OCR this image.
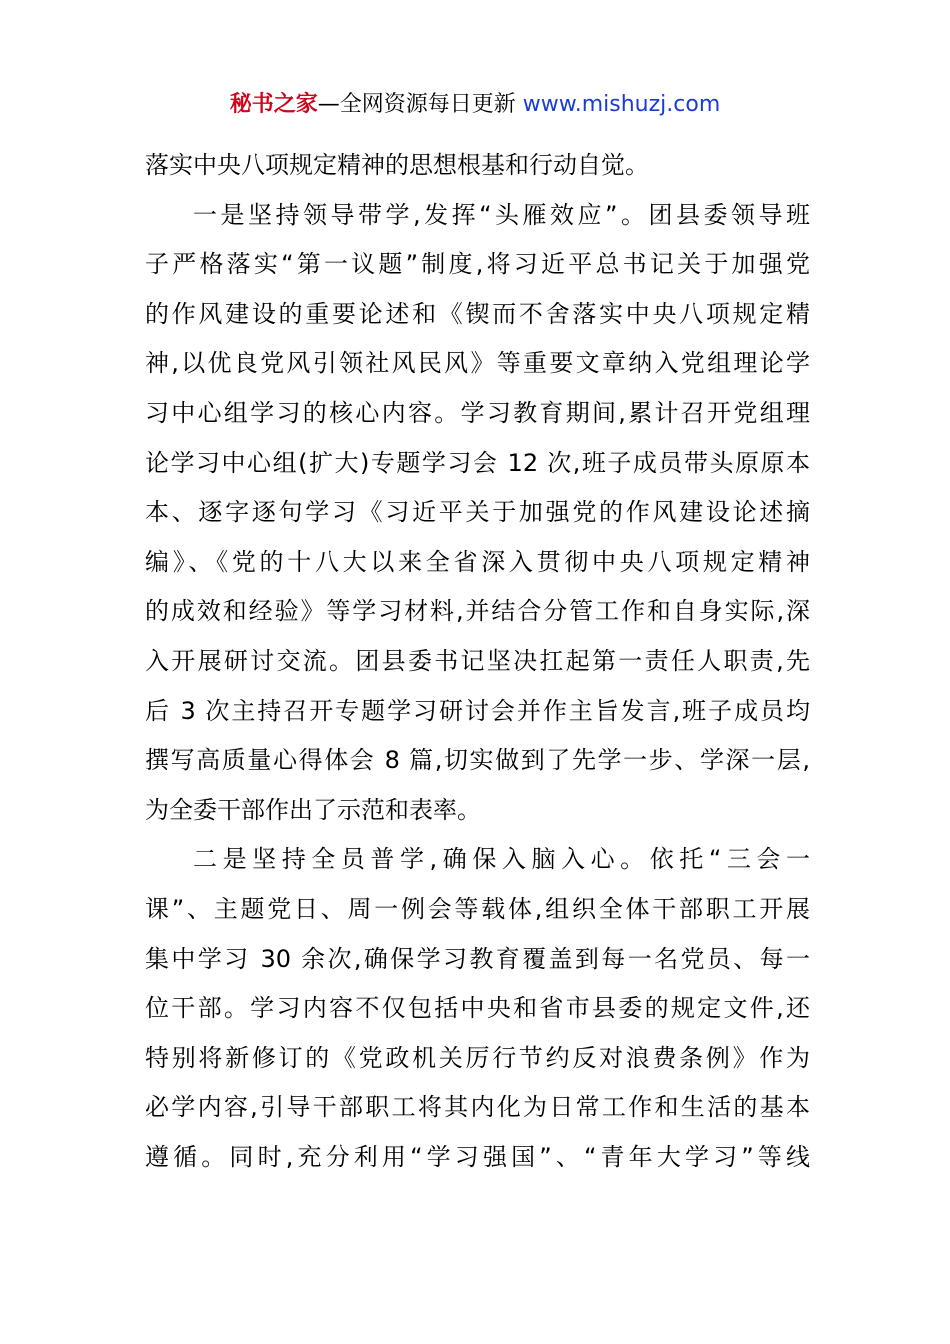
秘书之家—全网资源每日更新 www.mishuzj.com
落实中央八项规定精神的思想根基和行动自觉。
一是坚持领导带学,发挥“头雁效应”。团县委领导班
子严格落实“第一议题”制度,将习近平总书记关于加强党
的作风建设的重要论述和《锲而不舍落实中央八项规定精
神,以优良党风引领社风民风》等重要文章纳入党组理论学
习中心组学习的核心内容。学习教育期间,累计召开党组理
论学习中心组(扩大)专题学习会 12 次,班子成员带头原原本
本、逐字逐句学习《习近平关于加强党的作风建设论述摘
编》、《党的十八大以来全省深入贯彻中央八项规定精神
的成效和经验》等学习材料,并结合分管工作和自身实际,深
入开展研讨交流。团县委书记坚决扛起第一责任人职责,先
后 3 次主持召开专题学习研讨会并作主旨发言,班子成员均
撰写高质量心得体会 8 篇,切实做到了先学一步、学深一层,
为全委干部作出了示范和表率。
二是坚持全员普学,确保入脑入心。依托“三会一
课”、主题党日、周一例会等载体,组织全体干部职工开展
集中学习 30 余次,确保学习教育覆盖到每一名党员、每一
位干部。学习内容不仅包括中央和省市县委的规定文件,还
特别将新修订的《党政机关厉行节约反对浪费条例》作为
必学内容,引导干部职工将其内化为日常工作和生活的基本
遵循。同时,充分利用“学习强国”、“青年大学习”等线
